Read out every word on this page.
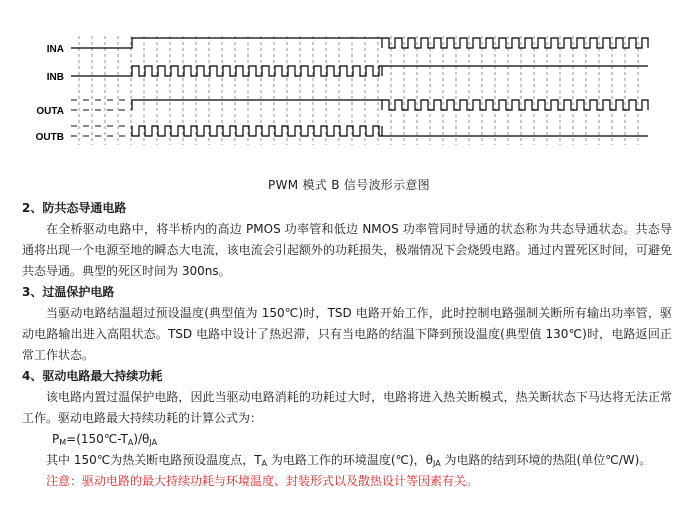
INA
INB
OUTA
OUTB
PWM 模式 B 信号波形示意图
2、防共态导通电路
在全桥驱动电路中，将半桥内的高边 PMOS 功率管和低边 NMOS 功率管同时导通的状态称为共态导通状态。共态导通将出现一个电源至地的瞬态大电流，该电流会引起额外的功耗损失，极端情况下会烧毁电路。通过内置死区时间，可避免共态导通。典型的死区时间为 300ns。
3、过温保护电路
当驱动电路结温超过预设温度(典型值为 150℃)时，TSD 电路开始工作，此时控制电路强制关断所有输出功率管，驱动电路输出进入高阻状态。TSD 电路中设计了热迟滞，只有当电路的结温下降到预设温度(典型值 130℃)时，电路返回正常工作状态。
4、驱动电路最大持续功耗
该电路内置过温保护电路，因此当驱动电路消耗的功耗过大时，电路将进入热关断模式，热关断状态下马达将无法正常工作。驱动电路最大持续功耗的计算公式为：
$P_M=(150℃-T_A)/\theta_{JA}$
其中 150℃为热关断电路预设温度点，$T_A$ 为电路工作的环境温度(℃)，$\theta_{JA}$ 为电路的结到环境的热阻(单位℃/W)。
注意：驱动电路的最大持续功耗与环境温度、封装形式以及散热设计等因素有关。
